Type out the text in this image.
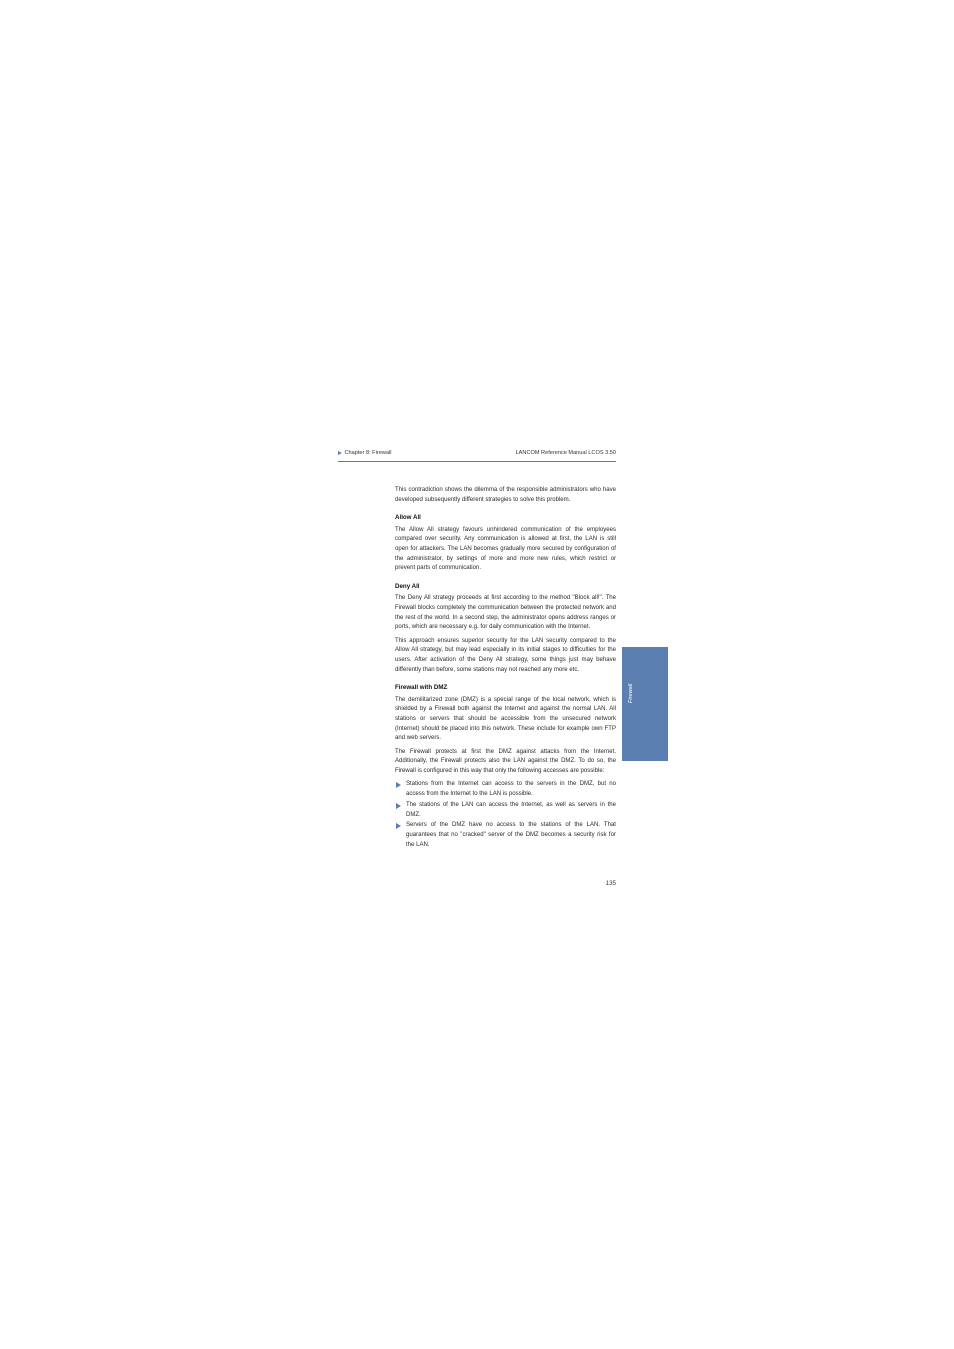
Chapter 8: Firewall	LANCOM Reference Manual LCOS 3.50

This contradiction shows the dilemma of the responsible administrators who have developed subsequently different strategies to solve this problem.

Allow All

The Allow All strategy favours unhindered communication of the employees compared over security. Any communication is allowed at first, the LAN is still open for attackers. The LAN becomes gradually more secured by configuration of the administrator, by settings of more and more new rules, which restrict or prevent parts of communication.

Deny All

The Deny All strategy proceeds at first according to the method "Block all!". The Firewall blocks completely the communication between the protected network and the rest of the world. In a second step, the administrator opens address ranges or ports, which are necessary e.g. for daily communication with the Internet.

This approach ensures superior security for the LAN security compared to the Allow All strategy, but may lead especially in its initial stages to difficulties for the users. After activation of the Deny All strategy, some things just may behave differently than before, some stations may not reached any more etc.

Firewall with DMZ

The demilitarized zone (DMZ) is a special range of the local network, which is shielded by a Firewall both against the Internet and against the normal LAN. All stations or servers that should be accessible from the unsecured network (Internet) should be placed into this network. These include for example own FTP and web servers.

The Firewall protects at first the DMZ against attacks from the Internet. Additionally, the Firewall protects also the LAN against the DMZ. To do so, the Firewall is configured in this way that only the following accesses are possible:

Stations from the Internet can access to the servers in the DMZ, but no access from the Internet to the LAN is possible.
The stations of the LAN can access the Internet, as well as servers in the DMZ.
Servers of the DMZ have no access to the stations of the LAN. That guarantees that no "cracked" server of the DMZ becomes a security risk for the LAN.
Firewall
135
